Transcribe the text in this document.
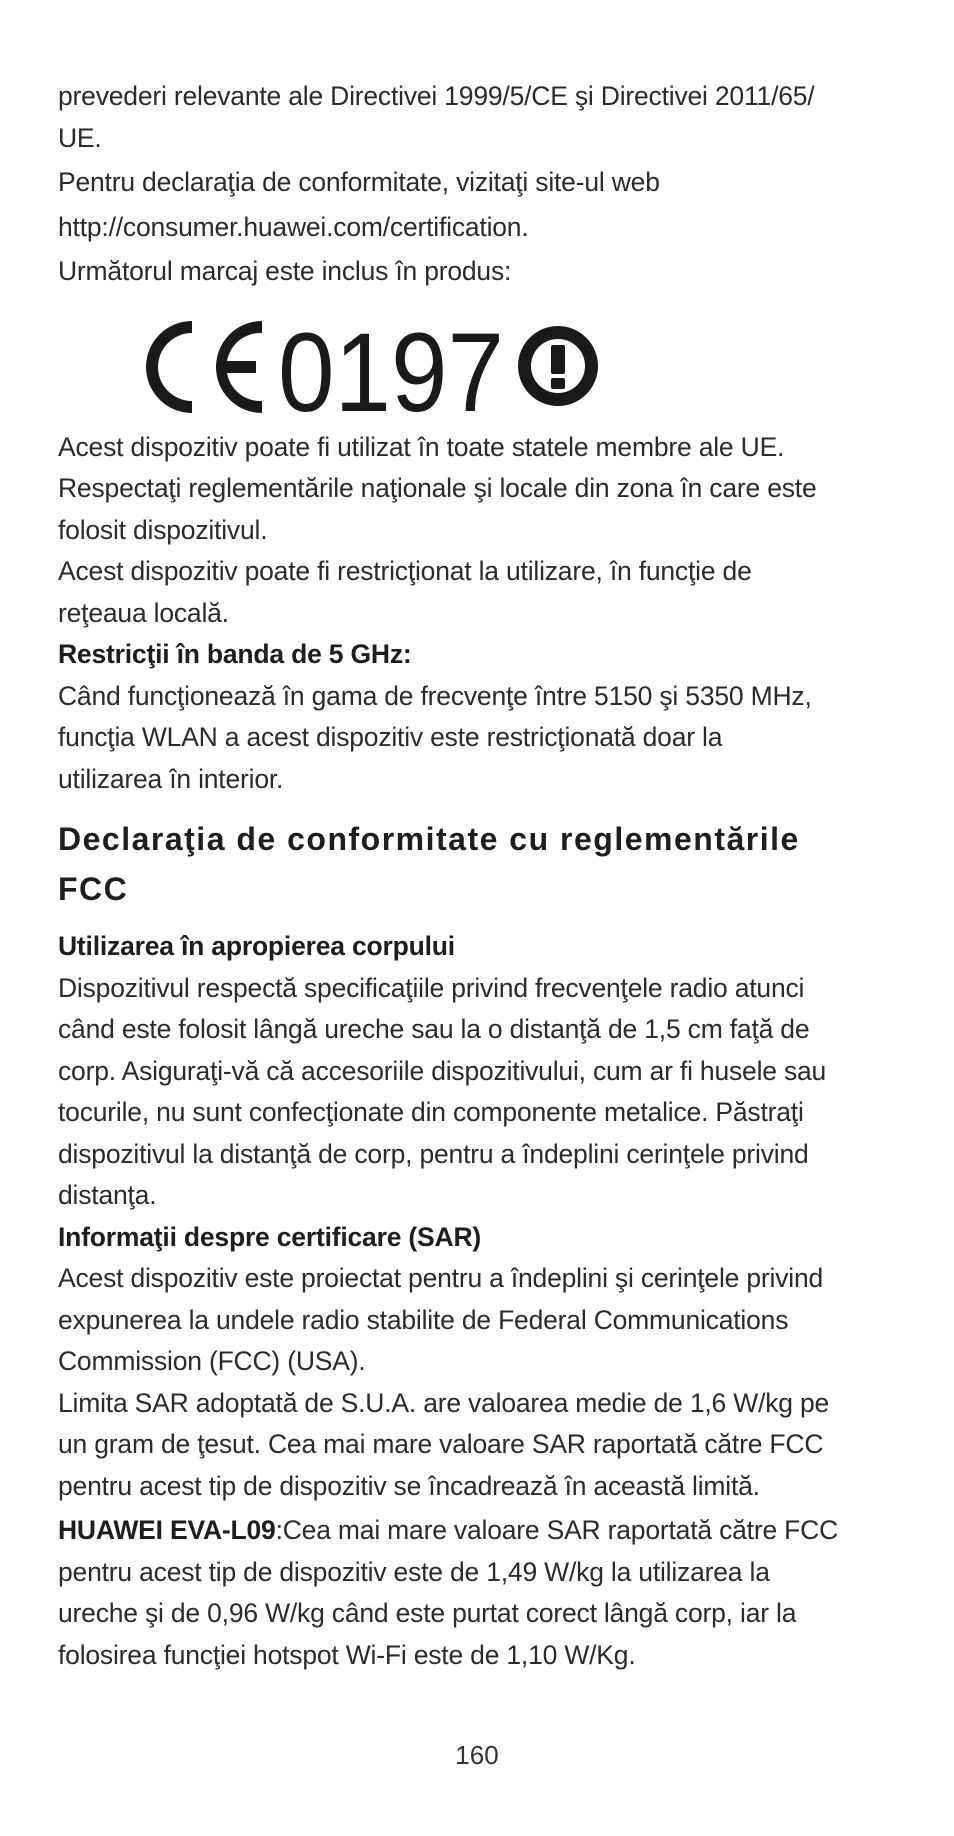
prevederi relevante ale Directivei 1999/5/CE şi Directivei 2011/65/

UE.

Pentru declaraţia de conformitate, vizitaţi site-ul web

http://consumer.huawei.com/certification.

Următorul marcaj este inclus în produs:

0197

Acest dispozitiv poate fi utilizat în toate statele membre ale UE.

Respectaţi reglementările naţionale şi locale din zona în care este

folosit dispozitivul.

Acest dispozitiv poate fi restricţionat la utilizare, în funcţie de

reţeaua locală.

Restricţii în banda de 5 GHz:

Când funcţionează în gama de frecvenţe între 5150 şi 5350 MHz,

funcţia WLAN a acest dispozitiv este restricţionată doar la

utilizarea în interior.

Declaraţia de conformitate cu reglementările
FCC

Utilizarea în apropierea corpului

Dispozitivul respectă specificaţiile privind frecvenţele radio atunci

când este folosit lângă ureche sau la o distanţă de 1,5 cm faţă de

corp. Asiguraţi-vă că accesoriile dispozitivului, cum ar fi husele sau

tocurile, nu sunt confecţionate din componente metalice. Păstraţi

dispozitivul la distanţă de corp, pentru a îndeplini cerinţele privind

distanţa.

Informaţii despre certificare (SAR)

Acest dispozitiv este proiectat pentru a îndeplini şi cerinţele privind

expunerea la undele radio stabilite de Federal Communications

Commission (FCC) (USA).

Limita SAR adoptată de S.U.A. are valoarea medie de 1,6 W/kg pe

un gram de ţesut. Cea mai mare valoare SAR raportată către FCC

pentru acest tip de dispozitiv se încadrează în această limită.

HUAWEI EVA-L09:Cea mai mare valoare SAR raportată către FCC

pentru acest tip de dispozitiv este de 1,49 W/kg la utilizarea la

ureche şi de 0,96 W/kg când este purtat corect lângă corp, iar la

folosirea funcţiei hotspot Wi-Fi este de 1,10 W/Kg.

160
